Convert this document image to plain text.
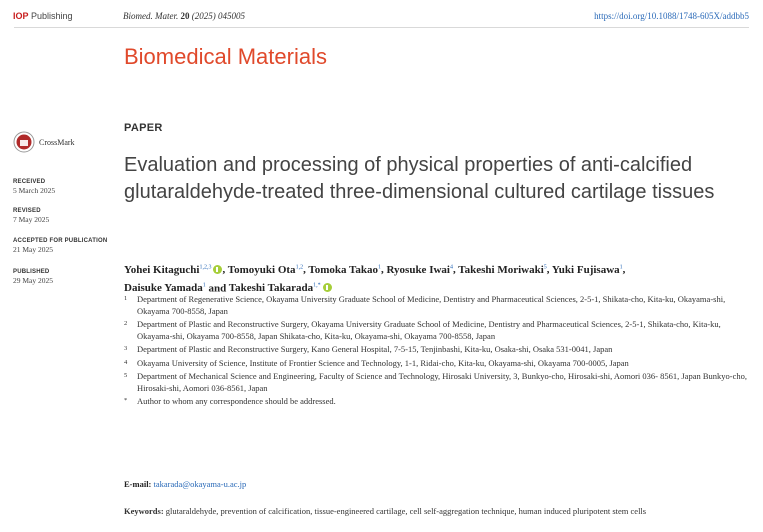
IOP Publishing	Biomed. Mater. 20 (2025) 045005	https://doi.org/10.1088/1748-605X/addbb5
Biomedical Materials
CrossMark
RECEIVED
5 March 2025
REVISED
7 May 2025
ACCEPTED FOR PUBLICATION
21 May 2025
PUBLISHED
29 May 2025
PAPER
Evaluation and processing of physical properties of anti-calcified glutaraldehyde-treated three-dimensional cultured cartilage tissues
Yohei Kitaguchi$^{1,2,3}$ , Tomoyuki Ota$^{1,2}$, Tomoka Takao$^1$, Ryosuke Iwai$^4$, Takeshi Moriwaki$^5$, Yuki Fujisawa$^1$,
Daisuke Yamada$^1$ and Takeshi Takarada$^{1,*}$
1	Department of Regenerative Science, Okayama University Graduate School of Medicine, Dentistry and Pharmaceutical Sciences, 2-5-1, Shikata-cho, Kita-ku, Okayama-shi, Okayama 700-8558, Japan
2	Department of Plastic and Reconstructive Surgery, Okayama University Graduate School of Medicine, Dentistry and Pharmaceutical Sciences, 2-5-1, Shikata-cho, Kita-ku, Okayama-shi, Okayama 700-8558, Japan Shikata-cho, Kita-ku, Okayama-shi, Okayama 700-8558, Japan
3	Department of Plastic and Reconstructive Surgery, Kano General Hospital, 7-5-15, Tenjinbashi, Kita-ku, Osaka-shi, Osaka 531-0041, Japan
4	Okayama University of Science, Institute of Frontier Science and Technology, 1-1, Ridai-cho, Kita-ku, Okayama-shi, Okayama 700-0005, Japan
5	Department of Mechanical Science and Engineering, Faculty of Science and Technology, Hirosaki University, 3, Bunkyo-cho, Hirosaki-shi, Aomori 036- 8561, Japan Bunkyo-cho, Hirosaki-shi, Aomori 036-8561, Japan
*	Author to whom any correspondence should be addressed.
E-mail: takarada@okayama-u.ac.jp
Keywords: glutaraldehyde, prevention of calcification, tissue-engineered cartilage, cell self-aggregation technique, human induced pluripotent stem cells
